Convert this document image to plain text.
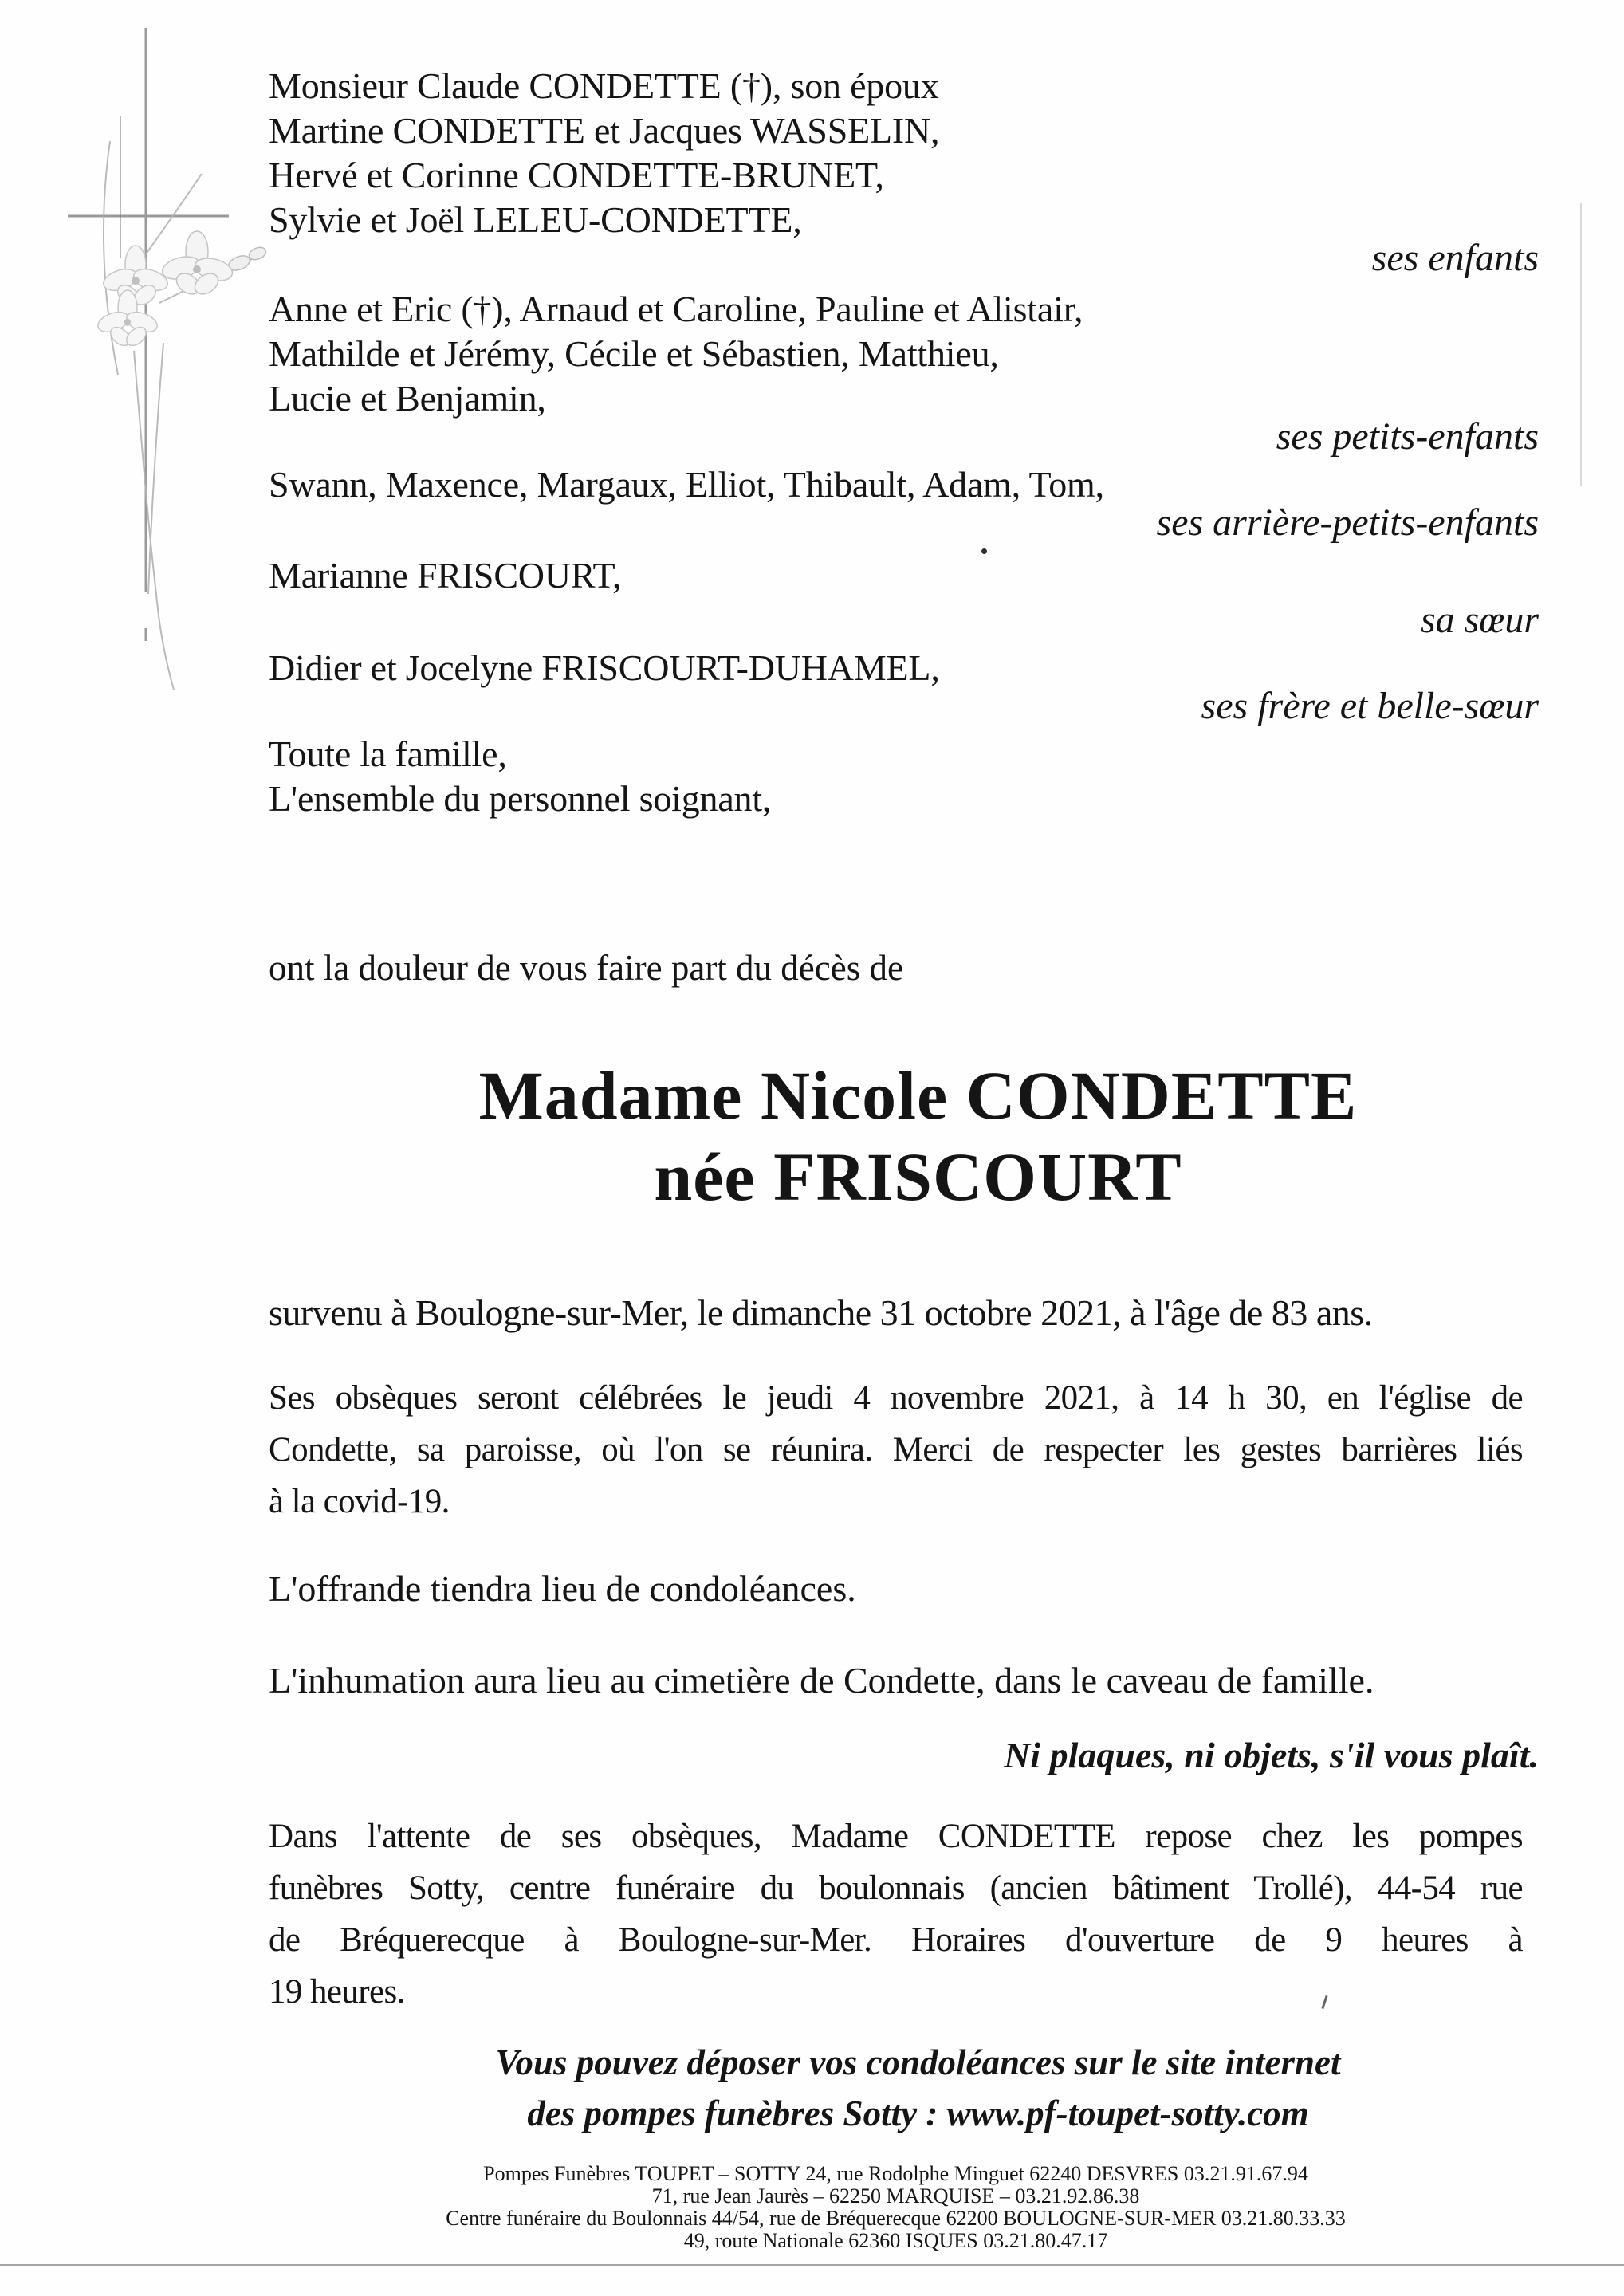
Monsieur Claude CONDETTE (†), son époux
Martine CONDETTE et Jacques WASSELIN,
Hervé et Corinne CONDETTE-BRUNET,
Sylvie et Joël LELEU-CONDETTE,
ses enfants
Anne et Eric (†), Arnaud et Caroline, Pauline et Alistair,
Mathilde et Jérémy, Cécile et Sébastien, Matthieu,
Lucie et Benjamin,
ses petits-enfants
Swann, Maxence, Margaux, Elliot, Thibault, Adam, Tom,
ses arrière-petits-enfants
Marianne FRISCOURT,
sa sœur
Didier et Jocelyne FRISCOURT-DUHAMEL,
ses frère et belle-sœur
Toute la famille,
L'ensemble du personnel soignant,
ont la douleur de vous faire part du décès de
Madame Nicole CONDETTE
née FRISCOURT
survenu à Boulogne-sur-Mer, le dimanche 31 octobre 2021, à l'âge de 83 ans.
Ses obsèques seront célébrées le jeudi 4 novembre 2021, à 14 h 30, en l'église de
Condette, sa paroisse, où l'on se réunira. Merci de respecter les gestes barrières liés
à la covid-19.
L'offrande tiendra lieu de condoléances.
L'inhumation aura lieu au cimetière de Condette, dans le caveau de famille.
Ni plaques, ni objets, s'il vous plaît.
Dans l'attente de ses obsèques, Madame CONDETTE repose chez les pompes
funèbres Sotty, centre funéraire du boulonnais (ancien bâtiment Trollé), 44-54 rue
de Bréquerecque à Boulogne-sur-Mer. Horaires d'ouverture de 9 heures à
19 heures.
Vous pouvez déposer vos condoléances sur le site internet
des pompes funèbres Sotty : www.pf-toupet-sotty.com
Pompes Funèbres TOUPET – SOTTY 24, rue Rodolphe Minguet 62240 DESVRES 03.21.91.67.94
71, rue Jean Jaurès – 62250 MARQUISE – 03.21.92.86.38
Centre funéraire du Boulonnais 44/54, rue de Bréquerecque 62200 BOULOGNE-SUR-MER 03.21.80.33.33
49, route Nationale 62360 ISQUES 03.21.80.47.17
